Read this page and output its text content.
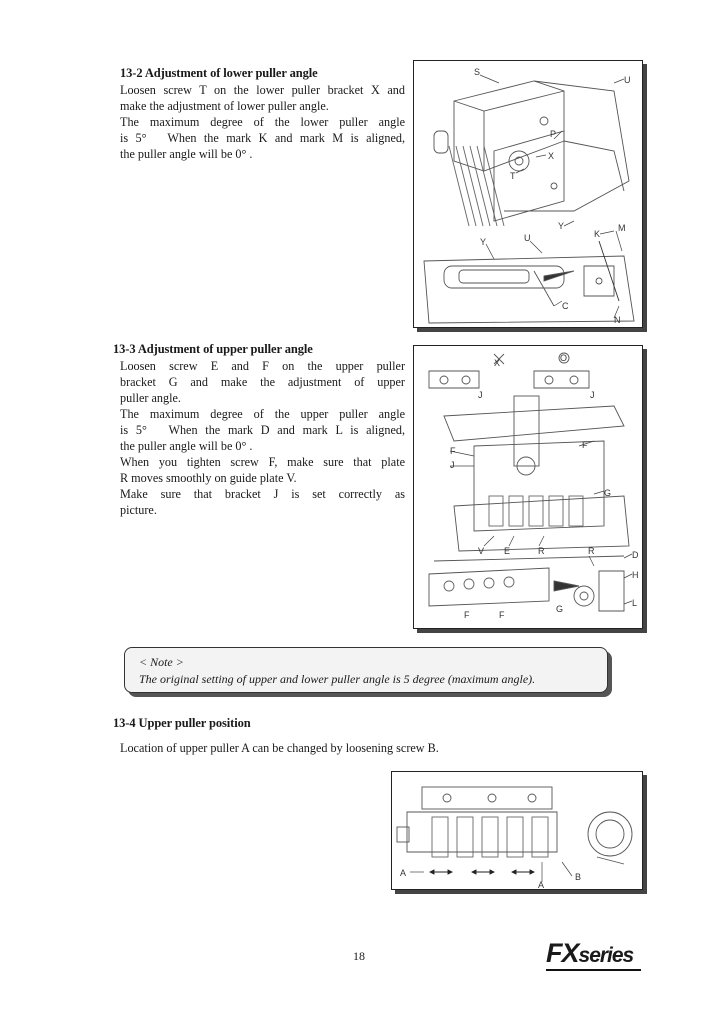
13-2 Adjustment of lower puller angle
Loosen screw T on the lower puller bracket X and
make the adjustment of lower puller angle.
The maximum degree of the lower puller angle
is 5°　When the mark K and mark M is aligned,
the puller angle will be 0° .
S
U
P
X
T
Y
K
M
U
Y
C
N
13-3 Adjustment of upper puller angle
Loosen screw E and F on the upper puller
bracket G and make the adjustment of upper
puller angle.
The maximum degree of the upper puller angle
is 5°　When the mark D and mark L is aligned,
the puller angle will be 0° .
When you tighten screw F, make sure that plate
R moves smoothly on guide plate V.
Make sure that bracket J is set correctly as
picture.
X	O
J	J
F
J
F
G
V E	R	R	D
H
L
F
G
F
< Note >
The original setting of upper and lower puller angle is 5 degree (maximum angle).
13-4 Upper puller position
Location of upper puller A can be changed by loosening screw B.
A
A
B
18	FXseries
